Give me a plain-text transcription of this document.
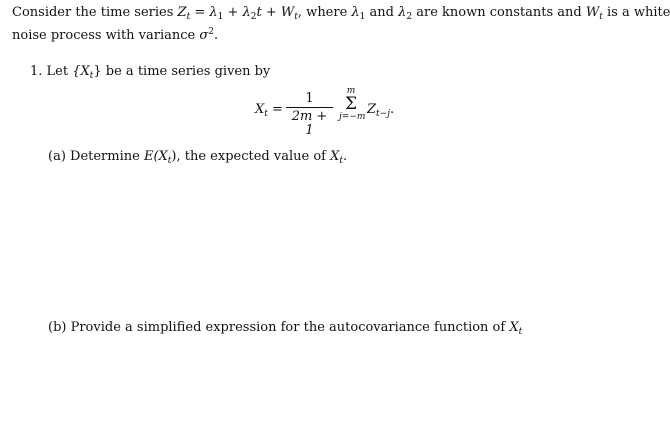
Consider the time series $Z_t = \lambda_1 + \lambda_2t + W_t$, where $\lambda_1$ and $\lambda_2$ are known constants and $W_t$ is a white
noise process with variance $\sigma^2$.
1. Let $\{X_t\}$ be a time series given by
$X_t$ =
1
2m + 1
m
Σ
j=−m $Z_{t-j}$.
(a) Determine $E(X_t)$, the expected value of $X_t$.
(b) Provide a simplified expression for the autocovariance function of $X_t$
